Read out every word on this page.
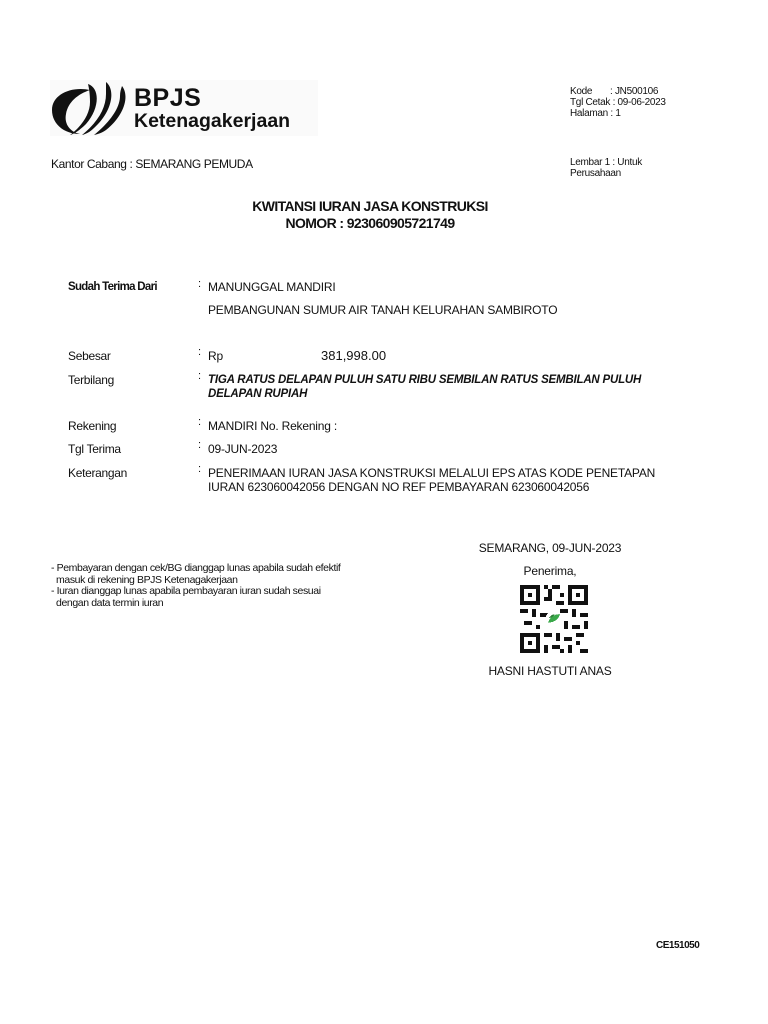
BPJS
Ketenagakerjaan
Kode	: JN500106
Tgl Cetak : 09-06-2023
Halaman : 1
Lembar 1 : Untuk
Perusahaan
Kantor Cabang : SEMARANG PEMUDA
KWITANSI IURAN JASA KONSTRUKSI
NOMOR : 923060905721749
Sudah Terima Dari	: MANUNGGAL MANDIRI
PEMBANGUNAN SUMUR AIR TANAH KELURAHAN SAMBIROTO
Sebesar	: Rp	381,998.00
Terbilang	: TIGA RATUS DELAPAN PULUH SATU RIBU SEMBILAN RATUS SEMBILAN PULUH DELAPAN RUPIAH
Rekening	: MANDIRI No. Rekening :
Tgl Terima	: 09-JUN-2023
Keterangan	: PENERIMAAN IURAN JASA KONSTRUKSI MELALUI EPS ATAS KODE PENETAPAN IURAN 623060042056 DENGAN NO REF PEMBAYARAN 623060042056
- Pembayaran dengan cek/BG dianggap lunas apabila sudah efektif
masuk di rekening BPJS Ketenagakerjaan
- Iuran dianggap lunas apabila pembayaran iuran sudah sesuai
dengan data termin iuran
SEMARANG, 09-JUN-2023
Penerima,
HASNI HASTUTI ANAS
CE151050
